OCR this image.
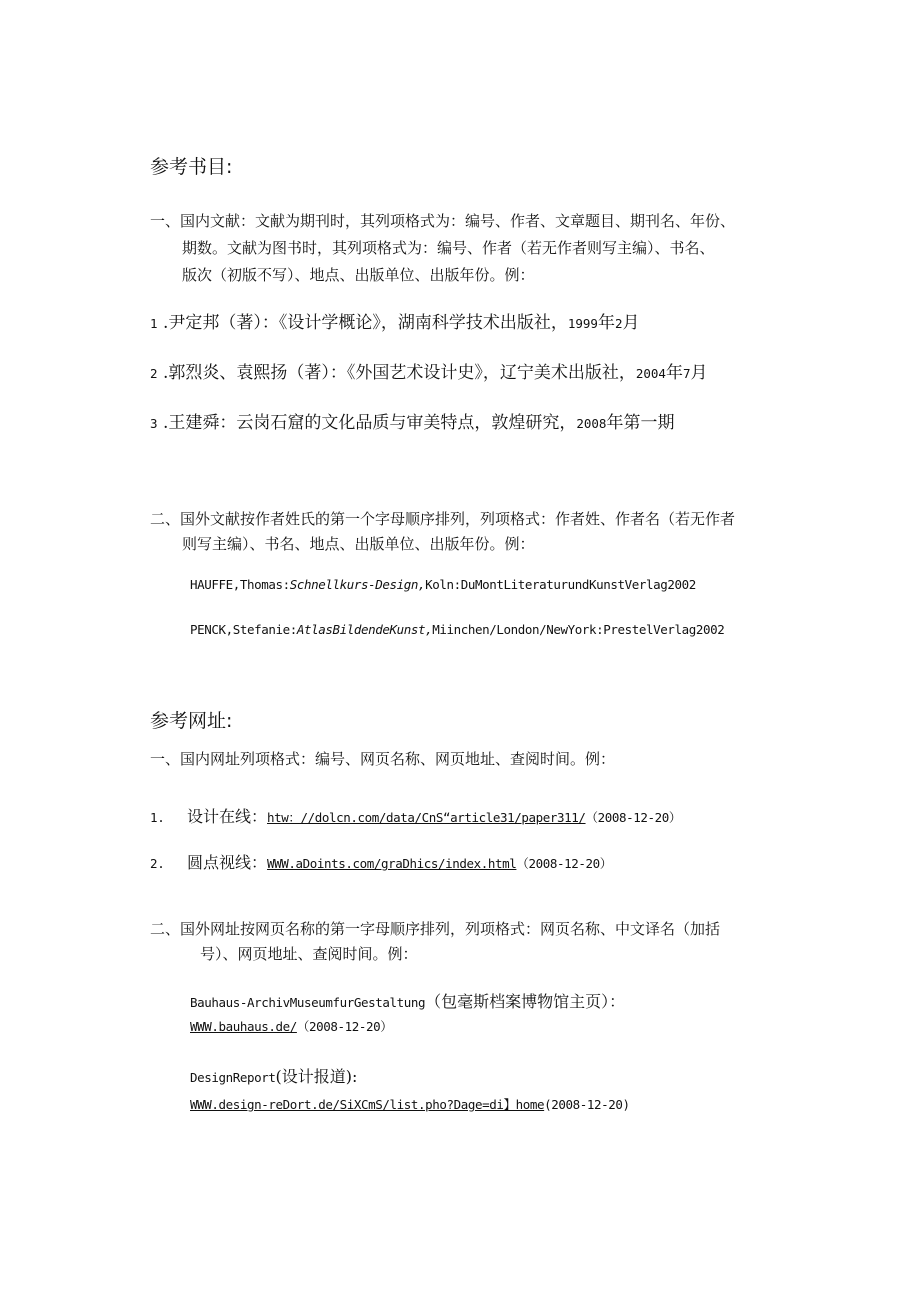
参考书目:
一、国内文献：文献为期刊时，其列项格式为：编号、作者、文章题目、期刊名、年份、
期数。文献为图书时，其列项格式为：编号、作者（若无作者则写主编）、书名、
版次（初版不写）、地点、出版单位、出版年份。例：
1 .尹定邦（著）：《设计学概论》，湖南科学技术出版社，1999年2月
2 .郭烈炎、袁熙扬（著）：《外国艺术设计史》，辽宁美术出版社，2004年7月
3 .王建舜：云岗石窟的文化品质与审美特点，敦煌研究，2008年第一期
二、国外文献按作者姓氏的第一个字母顺序排列，列项格式：作者姓、作者名（若无作者
则写主编）、书名、地点、出版单位、出版年份。例：
HAUFFE,Thomas:Schnellkurs-Design,Koln:DuMontLiteraturundKunstVerlag2002
PENCK,Stefanie:AtlasBildendeKunst,Miinchen/London/NewYork:PrestelVerlag2002
参考网址:
一、国内网址列项格式：编号、网页名称、网页地址、查阅时间。例：
1. 设计在线：htw：//dolcn.com/data/CnS“article31/paper311/（2008-12-20）
2. 圆点视线：WWW.aDoints.com/graDhics/index.html（2008-12-20）
二、国外网址按网页名称的第一字母顺序排列，列项格式：网页名称、中文译名（加括
号）、网页地址、查阅时间。例：
Bauhaus-ArchivMuseumfurGestaltung（包毫斯档案博物馆主页）：
WWW.bauhaus.de/（2008-12-20）
DesignReport(设计报道):
WWW.design-reDort.de/SiXCmS/list.pho?Dage=di】home(2008-12-20)
